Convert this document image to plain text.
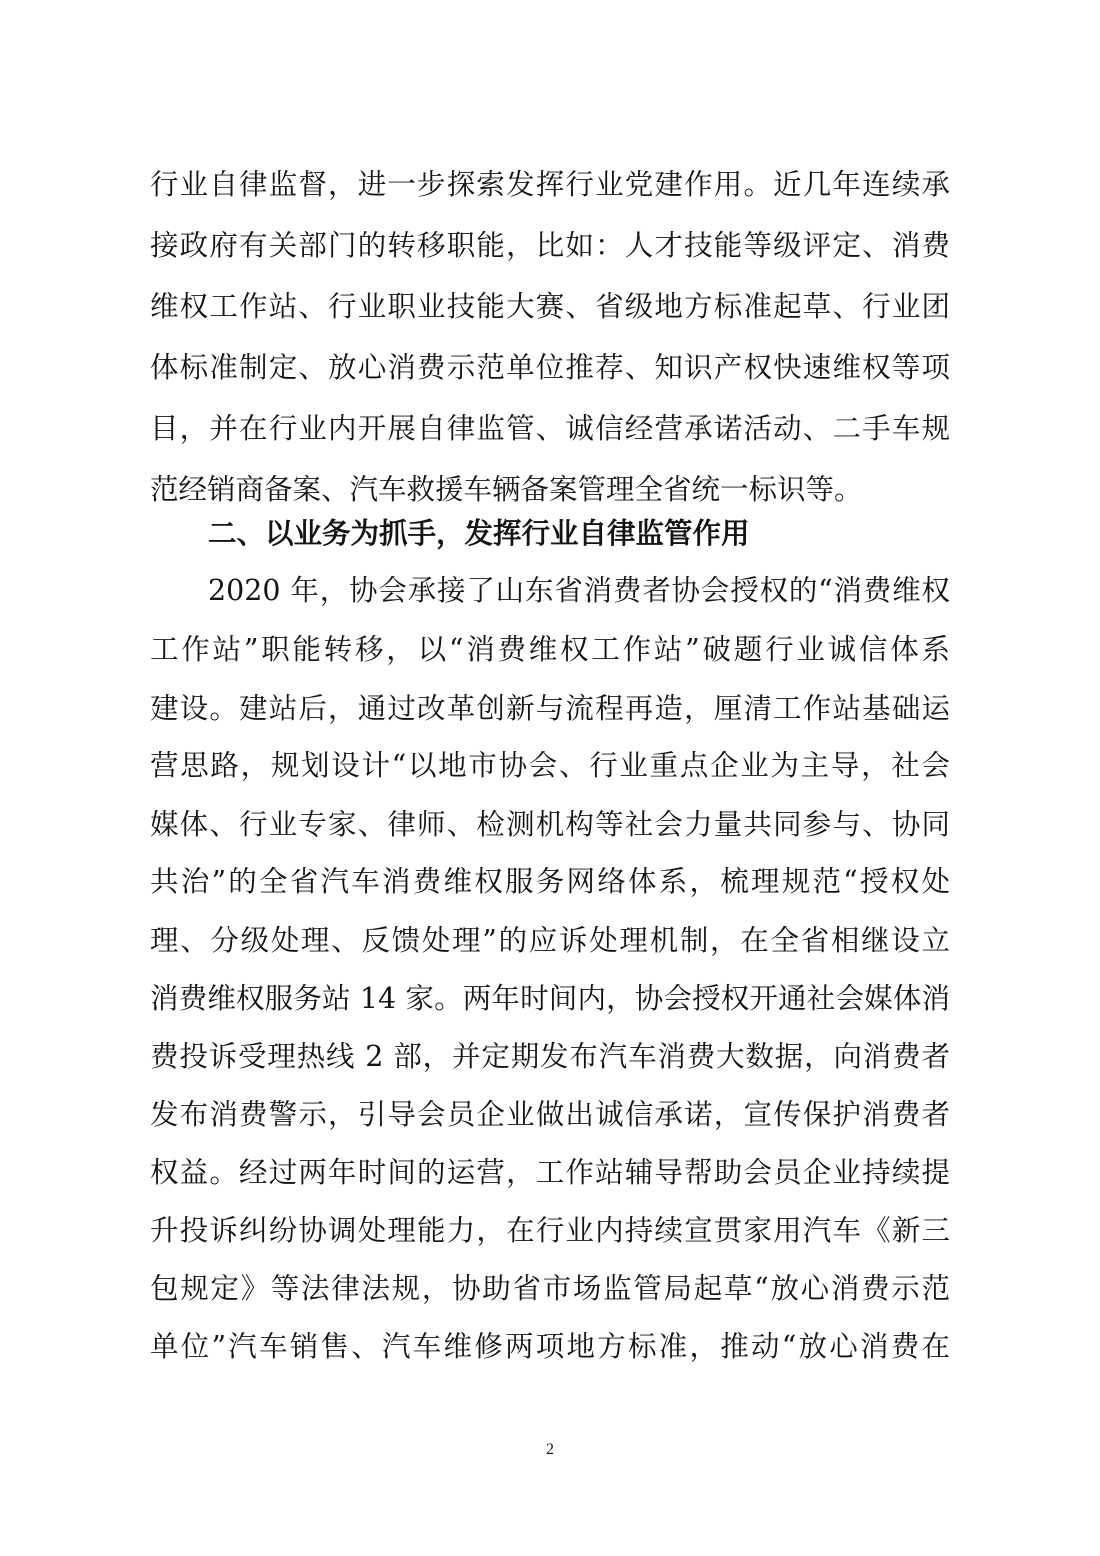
行业自律监督，进一步探索发挥行业党建作用。近几年连续承
接政府有关部门的转移职能，比如：人才技能等级评定、消费
维权工作站、行业职业技能大赛、省级地方标准起草、行业团
体标准制定、放心消费示范单位推荐、知识产权快速维权等项
目，并在行业内开展自律监管、诚信经营承诺活动、二手车规
范经销商备案、汽车救援车辆备案管理全省统一标识等。
二、以业务为抓手，发挥行业自律监管作用
2020 年，协会承接了山东省消费者协会授权的“消费维权
工作站”职能转移，以“消费维权工作站”破题行业诚信体系
建设。建站后，通过改革创新与流程再造，厘清工作站基础运
营思路，规划设计“以地市协会、行业重点企业为主导，社会
媒体、行业专家、律师、检测机构等社会力量共同参与、协同
共治”的全省汽车消费维权服务网络体系，梳理规范“授权处
理、分级处理、反馈处理”的应诉处理机制，在全省相继设立
消费维权服务站 14 家。两年时间内，协会授权开通社会媒体消
费投诉受理热线 2 部，并定期发布汽车消费大数据，向消费者
发布消费警示，引导会员企业做出诚信承诺，宣传保护消费者
权益。经过两年时间的运营，工作站辅导帮助会员企业持续提
升投诉纠纷协调处理能力，在行业内持续宣贯家用汽车《新三
包规定》等法律法规，协助省市场监管局起草“放心消费示范
单位”汽车销售、汽车维修两项地方标准，推动“放心消费在
2
